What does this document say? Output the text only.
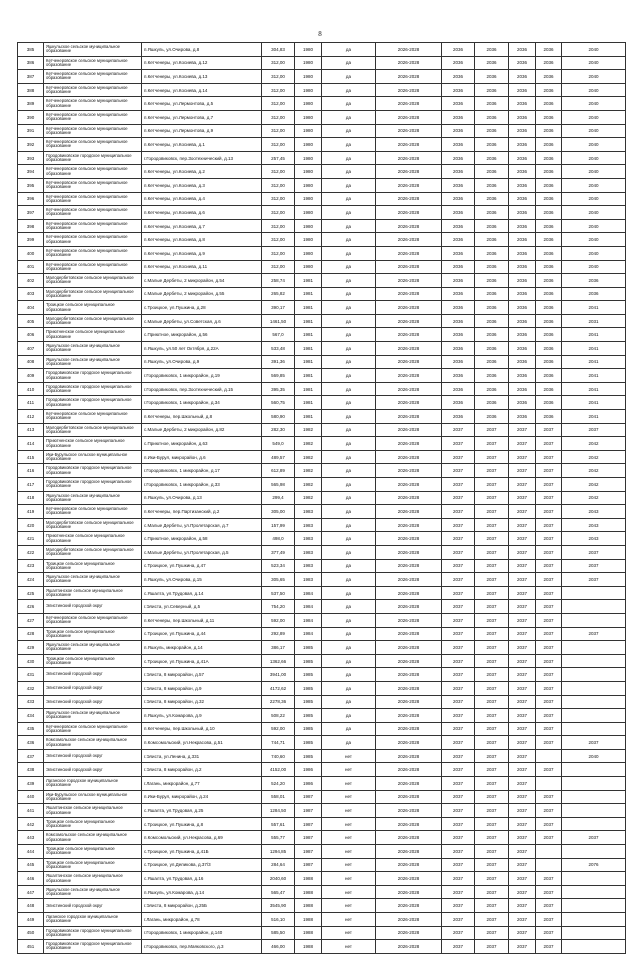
8
385	Яшкульское сельское муниципальное образование	п.Яшкуль, ул.Очирова, д.8	304,83	1980	да	2026-2028	2036	2036	2036	2036	2040
386	Кетченеровское сельское муниципальное образование	п.Кетченеры, ул.Косиева, д.12	312,00	1980	да	2026-2028	2036	2036	2036	2036	2040
387	Кетченеровское сельское муниципальное образование	п.Кетченеры, ул.Косиева, д.13	312,00	1980	да	2026-2028	2036	2036	2036	2036	2040
388	Кетченеровское сельское муниципальное образование	п.Кетченеры, ул.Косиева, д.14	312,00	1980	да	2026-2028	2036	2036	2036	2036	2040
389	Кетченеровское сельское муниципальное образование	п.Кетченеры, ул.Лермонтова, д.5	312,00	1980	да	2026-2028	2036	2036	2036	2036	2040
390	Кетченеровское сельское муниципальное образование	п.Кетченеры, ул.Лермонтова, д.7	312,00	1980	да	2026-2028	2036	2036	2036	2036	2040
391	Кетченеровское сельское муниципальное образование	п.Кетченеры, ул.Лермонтова, д.9	312,00	1980	да	2026-2028	2036	2036	2036	2036	2040
392	Кетченеровское сельское муниципальное образование	п.Кетченеры, ул.Косиева, д.1	312,00	1980	да	2026-2028	2036	2036	2036	2036	2040
393	Городовиковское городское муниципальное образование	г.Городовиковск, пер.Зоотехнический, д.13	257,45	1980	да	2026-2028	2036	2036	2036	2036	2040
394	Кетченеровское сельское муниципальное образование	п.Кетченеры, ул.Косиева, д.2	312,00	1980	да	2026-2028	2036	2036	2036	2036	2040
395	Кетченеровское сельское муниципальное образование	п.Кетченеры, ул.Косиева, д.3	312,00	1980	да	2026-2028	2036	2036	2036	2036	2040
396	Кетченеровское сельское муниципальное образование	п.Кетченеры, ул.Косиева, д.4	312,00	1980	да	2026-2028	2036	2036	2036	2036	2040
397	Кетченеровское сельское муниципальное образование	п.Кетченеры, ул.Косиева, д.6	312,00	1980	да	2026-2028	2036	2036	2036	2036	2040
398	Кетченеровское сельское муниципальное образование	п.Кетченеры, ул.Косиева, д.7	312,00	1980	да	2026-2028	2036	2036	2036	2036	2040
399	Кетченеровское сельское муниципальное образование	п.Кетченеры, ул.Косиева, д.8	312,00	1980	да	2026-2028	2036	2036	2036	2036	2040
400	Кетченеровское сельское муниципальное образование	п.Кетченеры, ул.Косиева, д.9	312,00	1980	да	2026-2028	2036	2036	2036	2036	2040
401	Кетченеровское сельское муниципальное образование	п.Кетченеры, ул.Косиева, д.11	312,00	1980	да	2026-2028	2036	2036	2036	2036	2040
402	Малодербетовское сельское муниципальное образование	с.Малые Дербеты, 2 микрорайон, д.54	258,74	1981	да	2026-2028	2036	2036	2036	2036	2036
403	Малодербетовское сельское муниципальное образование	с.Малые Дербеты, 2 микрорайон, д.55	265,82	1981	да	2026-2028	2036	2036	2036	2036	2036
404	Троицкое сельское муниципальное образование	с.Троицкое, ул.Пушкина, д.28	390,17	1981	да	2026-2028	2036	2036	2036	2036	2041
405	Малодербетовское сельское муниципальное образование	с.Малые Дербеты, ул.Советская, д.6	1461,50	1981	да	2026-2028	2036	2036	2036	2036	2031
406	Приютненское сельское муниципальное образование	с.Приютное, микрорайон, д.56	567,0	1981	да	2026-2028	2036	2036	2036	2036	2041
407	Яшкульское сельское муниципальное образование	п.Яшкуль, ул.50 лет Октября, д.22А	533,48	1981	да	2026-2028	2036	2036	2036	2036	2041
408	Яшкульское сельское муниципальное образование	п.Яшкуль, ул.Очирова, д.9	391,36	1981	да	2026-2028	2036	2036	2036	2036	2041
409	Городовиковское городское муниципальное образование	г.Городовиковск, 1 микрорайон, д.19	569,85	1981	да	2026-2028	2036	2036	2036	2036	2041
410	Городовиковское городское муниципальное образование	г.Городовиковск, пер.Зоотехнический, д.15	395,35	1981	да	2026-2028	2036	2036	2036	2036	2041
411	Городовиковское городское муниципальное образование	г.Городовиковск, 1 микрорайон, д.34	560,75	1981	да	2026-2028	2036	2036	2036	2036	2041
412	Кетченеровское сельское муниципальное образование	п.Кетченеры, пер.Школьный, д.8	580,90	1981	да	2026-2028	2036	2036	2036	2036	2041
413	Малодербетовское сельское муниципальное образование	с.Малые Дербеты, 2 микрорайон, д.82	282,30	1982	да	2026-2028	2037	2037	2037	2037	2037
414	Приютненское сельское муниципальное образование	с.Приютное, микрорайон, д.63	549,0	1982	да	2026-2028	2037	2037	2037	2037	2042
415	Ики-Бурульское сельское муниципальное образование	п.Ики-Бурул, микрорайон, д.6	489,57	1982	да	2026-2028	2037	2037	2037	2037	2042
416	Городовиковское городское муниципальное образование	г.Городовиковск, 1 микрорайон, д.17	612,89	1982	да	2026-2028	2037	2037	2037	2037	2042
417	Городовиковское городское муниципальное образование	г.Городовиковск, 1 микрорайон, д.33	565,98	1982	да	2026-2028	2037	2037	2037	2037	2042
418	Яшкульское сельское муниципальное образование	п.Яшкуль, ул.Очирова, д.13	299,4	1982	да	2026-2028	2037	2037	2037	2037	2042
419	Кетченеровское сельское муниципальное образование	п.Кетченеры, пер.Партизанский, д.2	305,00	1983	да	2026-2028	2037	2037	2037	2037	2043
420	Малодербетовское сельское муниципальное образование	с.Малые Дербеты, ул.Пролетарская, д.7	157,99	1983	да	2026-2028	2037	2037	2037	2037	2043
421	Приютненское сельское муниципальное образование	с.Приютное, микрорайон, д.58	498,0	1983	да	2026-2028	2037	2037	2037	2037	2043
422	Малодербетовское сельское муниципальное образование	с.Малые Дербеты, ул.Пролетарская, д.5	377,49	1983	да	2026-2028	2037	2037	2037	2037	2037
423	Троицкое сельское муниципальное образование	с.Троицкое, ул.Пушкина, д.47	523,34	1983	да	2026-2028	2037	2037	2037	2037	2037
424	Яшкульское сельское муниципальное образование	п.Яшкуль, ул.Очирова, д.15	305,65	1983	да	2026-2028	2037	2037	2037	2037	2037
425	Яшалтинское сельское муниципальное образование	с.Яшалта, ул.Трудовая, д.14	537,50	1984	да	2026-2028	2037	2037	2037	2037	
426	Элистинский городской округ	г.Элиста, ул.Северный, д.5	754,20	1984	да	2026-2028	2037	2037	2037	2037	
427	Кетченеровское сельское муниципальное образование	п.Кетченеры, пер.Школьный, д.11	592,00	1984	да	2026-2028	2037	2037	2037	2037	
428	Троицкое сельское муниципальное образование	с.Троицкое, ул.Пушкина, д.44	292,89	1984	да	2026-2028	2037	2037	2037	2037	2037
429	Яшкульское сельское муниципальное образование	п.Яшкуль, микрорайон, д.14	386,17	1985	да	2026-2028	2037	2037	2037	2037	
430	Троицкое сельское муниципальное образование	с.Троицкое, ул.Пушкина, д.41А	1362,66	1985	да	2026-2028	2037	2037	2037	2037	
431	Элистинский городской округ	г.Элиста, 8 микрорайон, д.57	3941,00	1985	да	2026-2028	2037	2037	2037	2037	
432	Элистинский городской округ	г.Элиста, 8 микрорайон, д.9	4172,62	1985	да	2026-2028	2037	2037	2037	2037	
433	Элистинский городской округ	г.Элиста, 8 микрорайон, д.32	2278,36	1985	да	2026-2028	2037	2037	2037	2037	
434	Яшкульское сельское муниципальное образование	п.Яшкуль, ул.Комарова, д.9	508,22	1985	да	2026-2028	2037	2037	2037	2037	
435	Кетченеровское сельское муниципальное образование	п.Кетченеры, пер.Школьный, д.10	592,00	1985	да	2026-2028	2037	2037	2037	2037	
436	Комсомольское сельское муниципальное образование	п.Комсомольский, ул.Некрасова, д.51	744,71	1985	да	2026-2028	2037	2037	2037	2037	2037
437	Элистинский городской округ	г.Элиста, ул.Ленина, д.331	740,60	1985	нет	2026-2028	2037	2037	2037		2040
438	Элистинский городской округ	г.Элиста, 8 микрорайон, д.2	4152,00	1986	нет	2026-2028	2037	2037	2037	2037	
439	Лаганское городское муниципальное образование	г.Лагань, микрорайон, д.77	524,20	1986	нет	2026-2028	2037	2037	2037		
440	Ики-Бурульское сельское муниципальное образование	п.Ики-Бурул, микрорайон, д.24	558,01	1987	нет	2026-2028	2037	2037	2037	2037	
441	Яшалтинское сельское муниципальное образование	с.Яшалта, ул.Трудовая, д.25	1284,50	1987	нет	2026-2028	2037	2037	2037	2037	
442	Троицкое сельское муниципальное образование	с.Троицкое, ул.Пушкина, д.8	557,61	1987	нет	2026-2028	2037	2037	2037	2037	
443	Комсомольское сельское муниципальное образование	п.Комсомольский, ул.Некрасова, д.69	555,77	1987	нет	2026-2028	2037	2037	2037	2037	2037
444	Троицкое сельское муниципальное образование	с.Троицкое, ул.Пушкина, д.41Б	1294,85	1987	нет	2026-2028	2037	2037	2037		
445	Троицкое сельское муниципальное образование	с.Троицкое, ул.Деликова, д.37/3	284,64	1987	нет	2026-2028	2037	2037	2037		2076
446	Яшалтинское сельское муниципальное образование	с.Яшалта, ул.Трудовая, д.16	2040,60	1988	нет	2026-2028	2037	2037	2037	2037	
447	Яшкульское сельское муниципальное образование	п.Яшкуль, ул.Комарова, д.14	565,47	1988	нет	2026-2028	2037	2037	2037	2037	
448	Элистинский городской округ	г.Элиста, 8 микрорайон, д.25Б	3545,90	1988	нет	2026-2028	2037	2037	2037	2037	
449	Лаганское городское муниципальное образование	г.Лагань, микрорайон, д.78	516,10	1988	нет	2026-2028	2037	2037	2037	2037	
450	Городовиковское городское муниципальное образование	г.Городовиковск, 1 микрорайон, д.140	585,50	1988	нет	2026-2028	2037	2037	2037	2037	
451	Городовиковское городское муниципальное образование	г.Городовиковск, пер.Маяковского, д.3	466,00	1988	нет	2026-2028	2037	2037	2037	2037	
